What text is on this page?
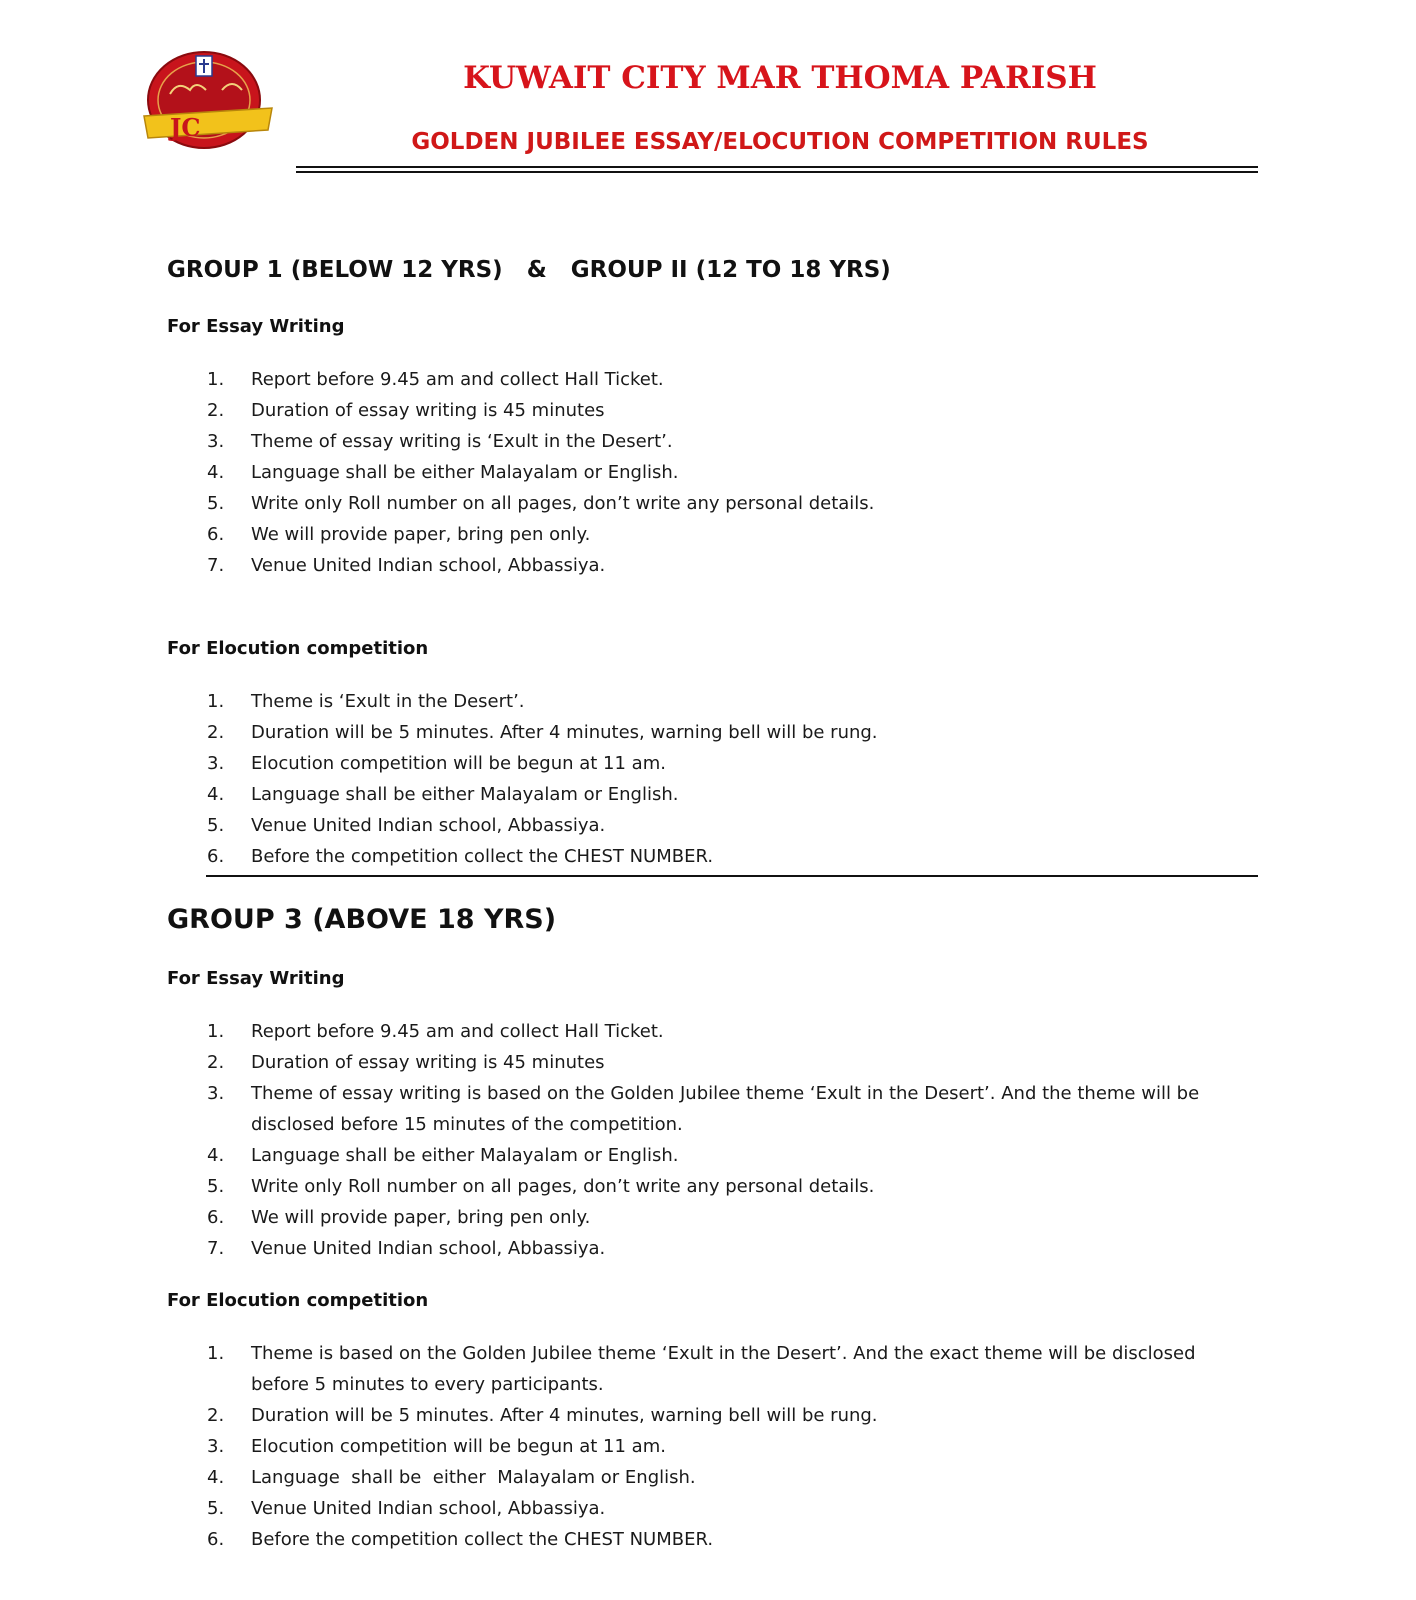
JC
KUWAIT CITY MAR THOMA PARISH
GOLDEN JUBILEE ESSAY/ELOCUTION COMPETITION RULES
GROUP 1 (BELOW 12 YRS)   &   GROUP II (12 TO 18 YRS)
For Essay Writing
1. Report before 9.45 am and collect Hall Ticket.
2. Duration of essay writing is 45 minutes
3. Theme of essay writing is ‘Exult in the Desert’.
4. Language shall be either Malayalam or English.
5. Write only Roll number on all pages, don’t write any personal details.
6. We will provide paper, bring pen only.
7. Venue United Indian school, Abbassiya.
For Elocution competition
1. Theme is ‘Exult in the Desert’.
2. Duration will be 5 minutes. After 4 minutes, warning bell will be rung.
3. Elocution competition will be begun at 11 am.
4. Language shall be either Malayalam or English.
5. Venue United Indian school, Abbassiya.
6. Before the competition collect the CHEST NUMBER.
GROUP 3 (ABOVE 18 YRS)
For Essay Writing
1. Report before 9.45 am and collect Hall Ticket.
2. Duration of essay writing is 45 minutes
3. Theme of essay writing is based on the Golden Jubilee theme ‘Exult in the Desert’. And the theme will be disclosed before 15 minutes of the competition.
4. Language shall be either Malayalam or English.
5. Write only Roll number on all pages, don’t write any personal details.
6. We will provide paper, bring pen only.
7. Venue United Indian school, Abbassiya.
For Elocution competition
1. Theme is based on the Golden Jubilee theme ‘Exult in the Desert’. And the exact theme will be disclosed before 5 minutes to every participants.
2. Duration will be 5 minutes. After 4 minutes, warning bell will be rung.
3. Elocution competition will be begun at 11 am.
4. Language  shall be  either  Malayalam or English.
5. Venue United Indian school, Abbassiya.
6. Before the competition collect the CHEST NUMBER.
